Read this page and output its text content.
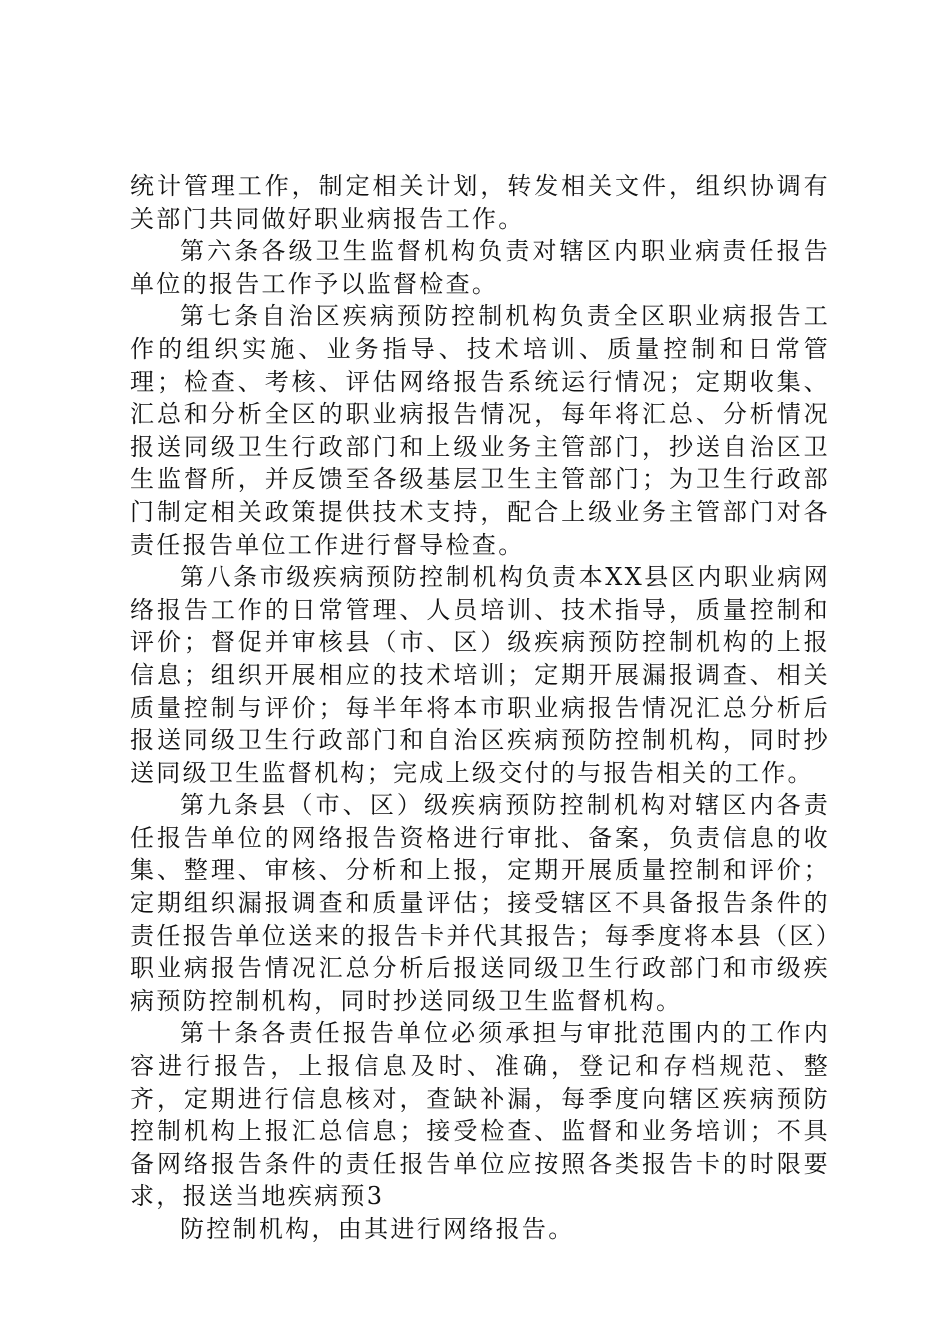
统计管理工作，制定相关计划，转发相关文件，组织协调有关部门共同做好职业病报告工作。

第六条各级卫生监督机构负责对辖区内职业病责任报告单位的报告工作予以监督检查。

第七条自治区疾病预防控制机构负责全区职业病报告工作的组织实施、业务指导、技术培训、质量控制和日常管理；检查、考核、评估网络报告系统运行情况；定期收集、汇总和分析全区的职业病报告情况，每年将汇总、分析情况报送同级卫生行政部门和上级业务主管部门，抄送自治区卫生监督所，并反馈至各级基层卫生主管部门；为卫生行政部门制定相关政策提供技术支持，配合上级业务主管部门对各责任报告单位工作进行督导检查。

第八条市级疾病预防控制机构负责本XX县区内职业病网络报告工作的日常管理、人员培训、技术指导，质量控制和评价；督促并审核县（市、区）级疾病预防控制机构的上报信息；组织开展相应的技术培训；定期开展漏报调查、相关质量控制与评价；每半年将本市职业病报告情况汇总分析后报送同级卫生行政部门和自治区疾病预防控制机构，同时抄送同级卫生监督机构；完成上级交付的与报告相关的工作。

第九条县（市、区）级疾病预防控制机构对辖区内各责任报告单位的网络报告资格进行审批、备案，负责信息的收集、整理、审核、分析和上报，定期开展质量控制和评价；定期组织漏报调查和质量评估；接受辖区不具备报告条件的责任报告单位送来的报告卡并代其报告；每季度将本县（区）职业病报告情况汇总分析后报送同级卫生行政部门和市级疾病预防控制机构，同时抄送同级卫生监督机构。

第十条各责任报告单位必须承担与审批范围内的工作内容进行报告，上报信息及时、准确，登记和存档规范、整齐，定期进行信息核对，查缺补漏，每季度向辖区疾病预防控制机构上报汇总信息；接受检查、监督和业务培训；不具备网络报告条件的责任报告单位应按照各类报告卡的时限要求，报送当地疾病预3

防控制机构，由其进行网络报告。
